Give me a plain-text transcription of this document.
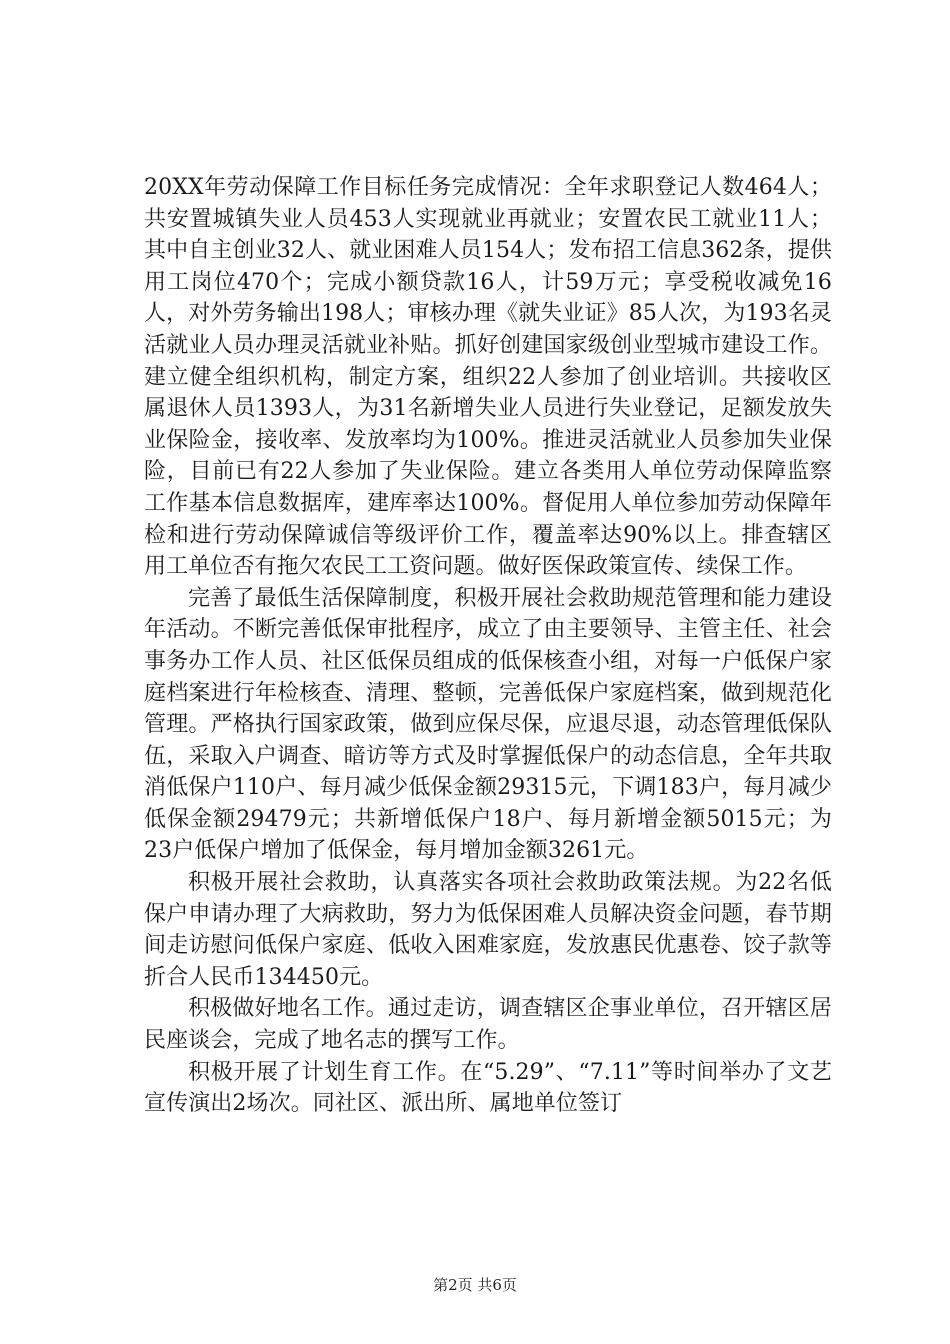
20XX年劳动保障工作目标任务完成情况：全年求职登记人数464人；共安置城镇失业人员453人实现就业再就业；安置农民工就业11人；其中自主创业32人、就业困难人员154人；发布招工信息362条，提供用工岗位470个；完成小额贷款16人，计59万元；享受税收减免16人，对外劳务输出198人；审核办理《就失业证》85人次，为193名灵活就业人员办理灵活就业补贴。抓好创建国家级创业型城市建设工作。建立健全组织机构，制定方案，组织22人参加了创业培训。共接收区属退休人员1393人，为31名新增失业人员进行失业登记，足额发放失业保险金，接收率、发放率均为100%。推进灵活就业人员参加失业保险，目前已有22人参加了失业保险。建立各类用人单位劳动保障监察工作基本信息数据库，建库率达100%。督促用人单位参加劳动保障年检和进行劳动保障诚信等级评价工作，覆盖率达90%以上。排查辖区用工单位否有拖欠农民工工资问题。做好医保政策宣传、续保工作。

完善了最低生活保障制度，积极开展社会救助规范管理和能力建设年活动。不断完善低保审批程序，成立了由主要领导、主管主任、社会事务办工作人员、社区低保员组成的低保核查小组，对每一户低保户家庭档案进行年检核查、清理、整顿，完善低保户家庭档案，做到规范化管理。严格执行国家政策，做到应保尽保，应退尽退，动态管理低保队伍，采取入户调查、暗访等方式及时掌握低保户的动态信息，全年共取消低保户110户、每月减少低保金额29315元，下调183户，每月减少低保金额29479元；共新增低保户18户、每月新增金额5015元；为23户低保户增加了低保金，每月增加金额3261元。

积极开展社会救助，认真落实各项社会救助政策法规。为22名低保户申请办理了大病救助，努力为低保困难人员解决资金问题，春节期间走访慰问低保户家庭、低收入困难家庭，发放惠民优惠卷、饺子款等折合人民币134450元。

积极做好地名工作。通过走访，调查辖区企事业单位，召开辖区居民座谈会，完成了地名志的撰写工作。

积极开展了计划生育工作。在“5.29”、“7.11”等时间举办了文艺宣传演出2场次。同社区、派出所、属地单位签订

第2页 共6页
